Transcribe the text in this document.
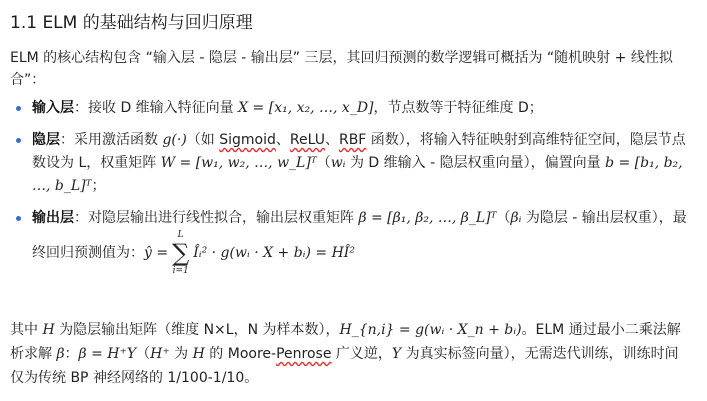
1.1 ELM 的基础结构与回归原理
ELM 的核心结构包含 “输入层 - 隐层 - 输出层” 三层，其回归预测的数学逻辑可概括为 “随机映射 + 线性拟合”：
输入层：接收 D 维输入特征向量 X = [x₁, x₂, …, x_D]，节点数等于特征维度 D；
隐层：采用激活函数 g(·)（如 Sigmoid、ReLU、RBF 函数），将输入特征映射到高维特征空间，隐层节点数设为 L，权重矩阵 W = [w₁, w₂, …, w_L]ᵀ（wᵢ 为 D 维输入 - 隐层权重向量），偏置向量 b = [b₁, b₂, …, b_L]ᵀ；
输出层：对隐层输出进行线性拟合，输出层权重矩阵 β = [β₁, β₂, …, β_L]ᵀ（βᵢ 为隐层 - 输出层权重），最终回归预测值为：ŷ =
L
∑
i=1
Îᵢ² · g(wᵢ · X + bᵢ) = HÎ²
其中 H 为隐层输出矩阵（维度 N×L，N 为样本数），H_{n,i} = g(wᵢ · X_n + bᵢ)。ELM 通过最小二乘法解析求解 β：β = H⁺Y（H⁺ 为 H 的 Moore-Penrose 广义逆，Y 为真实标签向量），无需迭代训练，训练时间仅为传统 BP 神经网络的 1/100-1/10。
